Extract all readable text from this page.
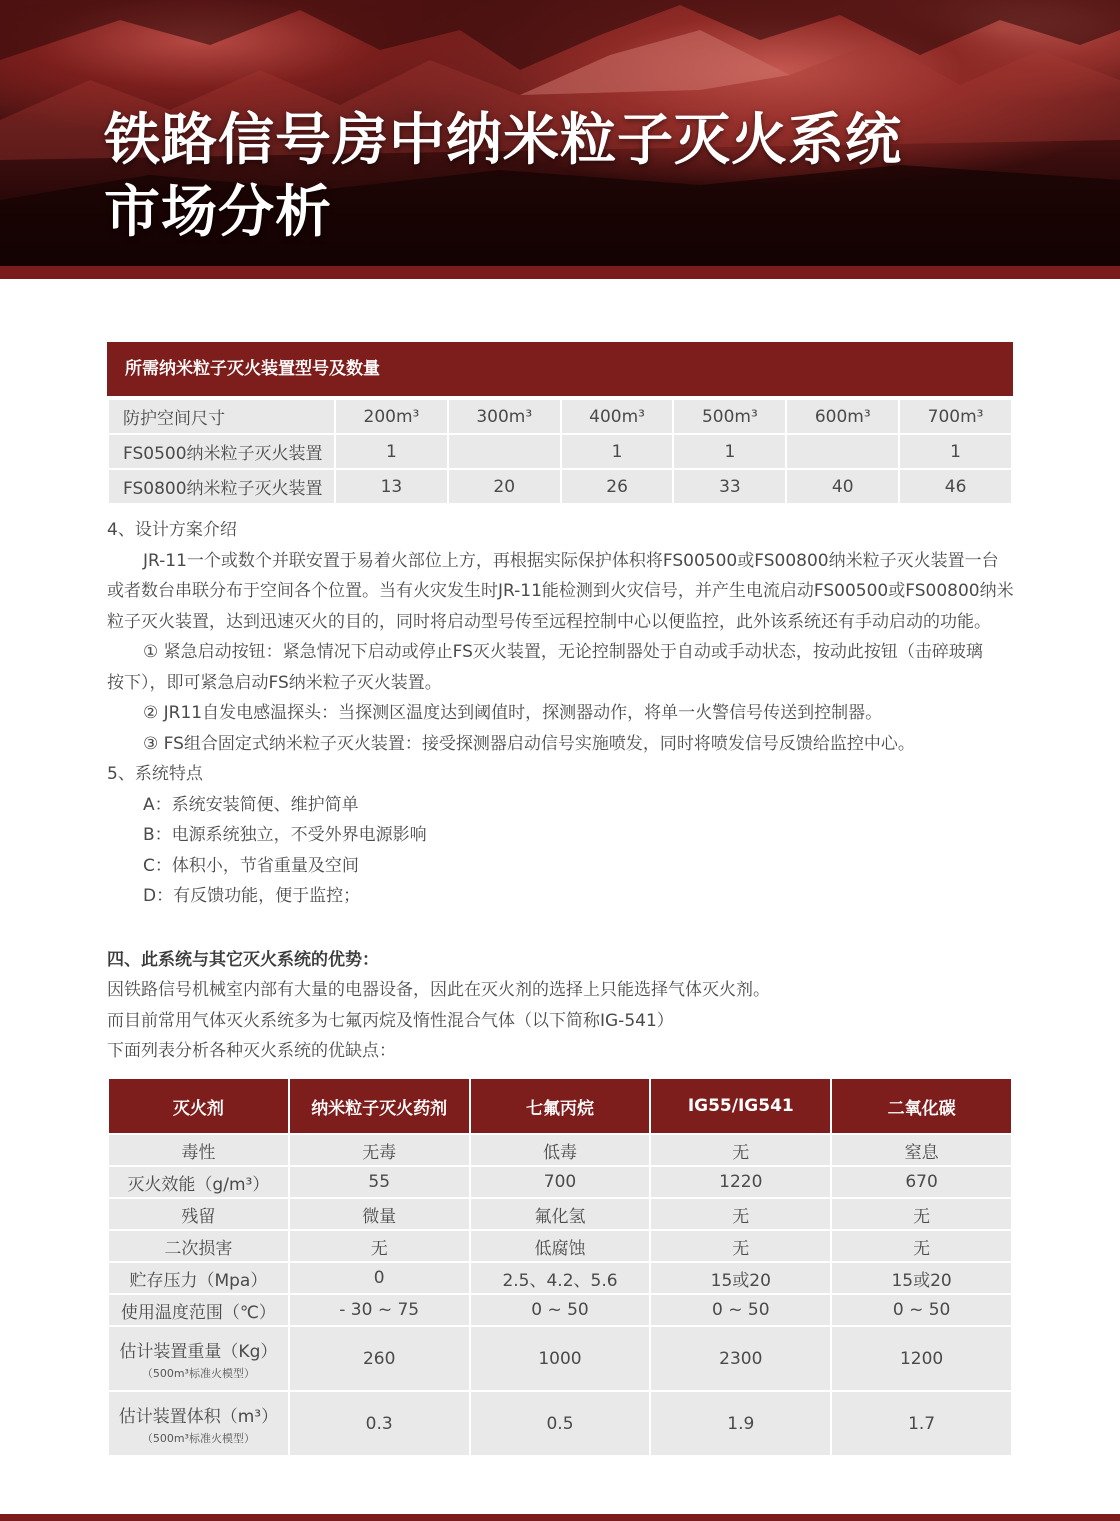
铁路信号房中纳米粒子灭火系统
市场分析
所需纳米粒子灭火装置型号及数量
防护空间尺寸	200m³	300m³	400m³	500m³	600m³	700m³
FS0500纳米粒子灭火装置	1		1	1		1
FS0800纳米粒子灭火装置	13	20	26	33	40	46

4、设计方案介绍

JR-11一个或数个并联安置于易着火部位上方，再根据实际保护体积将FS00500或FS00800纳米粒子灭火装置一台

或者数台串联分布于空间各个位置。当有火灾发生时JR-11能检测到火灾信号，并产生电流启动FS00500或FS00800纳米

粒子灭火装置，达到迅速灭火的目的，同时将启动型号传至远程控制中心以便监控，此外该系统还有手动启动的功能。

① 紧急启动按钮：紧急情况下启动或停止FS灭火装置，无论控制器处于自动或手动状态，按动此按钮（击碎玻璃

按下），即可紧急启动FS纳米粒子灭火装置。

② JR11自发电感温探头：当探测区温度达到阈值时，探测器动作，将单一火警信号传送到控制器。

③ FS组合固定式纳米粒子灭火装置：接受探测器启动信号实施喷发，同时将喷发信号反馈给监控中心。

5、系统特点

A：系统安装简便、维护简单

B：电源系统独立，不受外界电源影响

C：体积小，节省重量及空间

D：有反馈功能，便于监控；

四、此系统与其它灭火系统的优势：

因铁路信号机械室内部有大量的电器设备，因此在灭火剂的选择上只能选择气体灭火剂。

而目前常用气体灭火系统多为七氟丙烷及惰性混合气体（以下简称IG-541）

下面列表分析各种灭火系统的优缺点：

灭火剂	纳米粒子灭火药剂	七氟丙烷	IG55/IG541	二氧化碳
毒性	无毒	低毒	无	窒息
灭火效能（g/m³）	55	700	1220	670
残留	微量	氟化氢	无	无
二次损害	无	低腐蚀	无	无
贮存压力（Mpa）	0	2.5、4.2、5.6	15或20	15或20
使用温度范围（℃）	- 30 ~ 75	0 ~ 50	0 ~ 50	0 ~ 50
估计装置重量（Kg）
（500m³标准火模型）	260	1000	2300	1200
估计装置体积（m³）
（500m³标准火模型）	0.3	0.5	1.9	1.7
